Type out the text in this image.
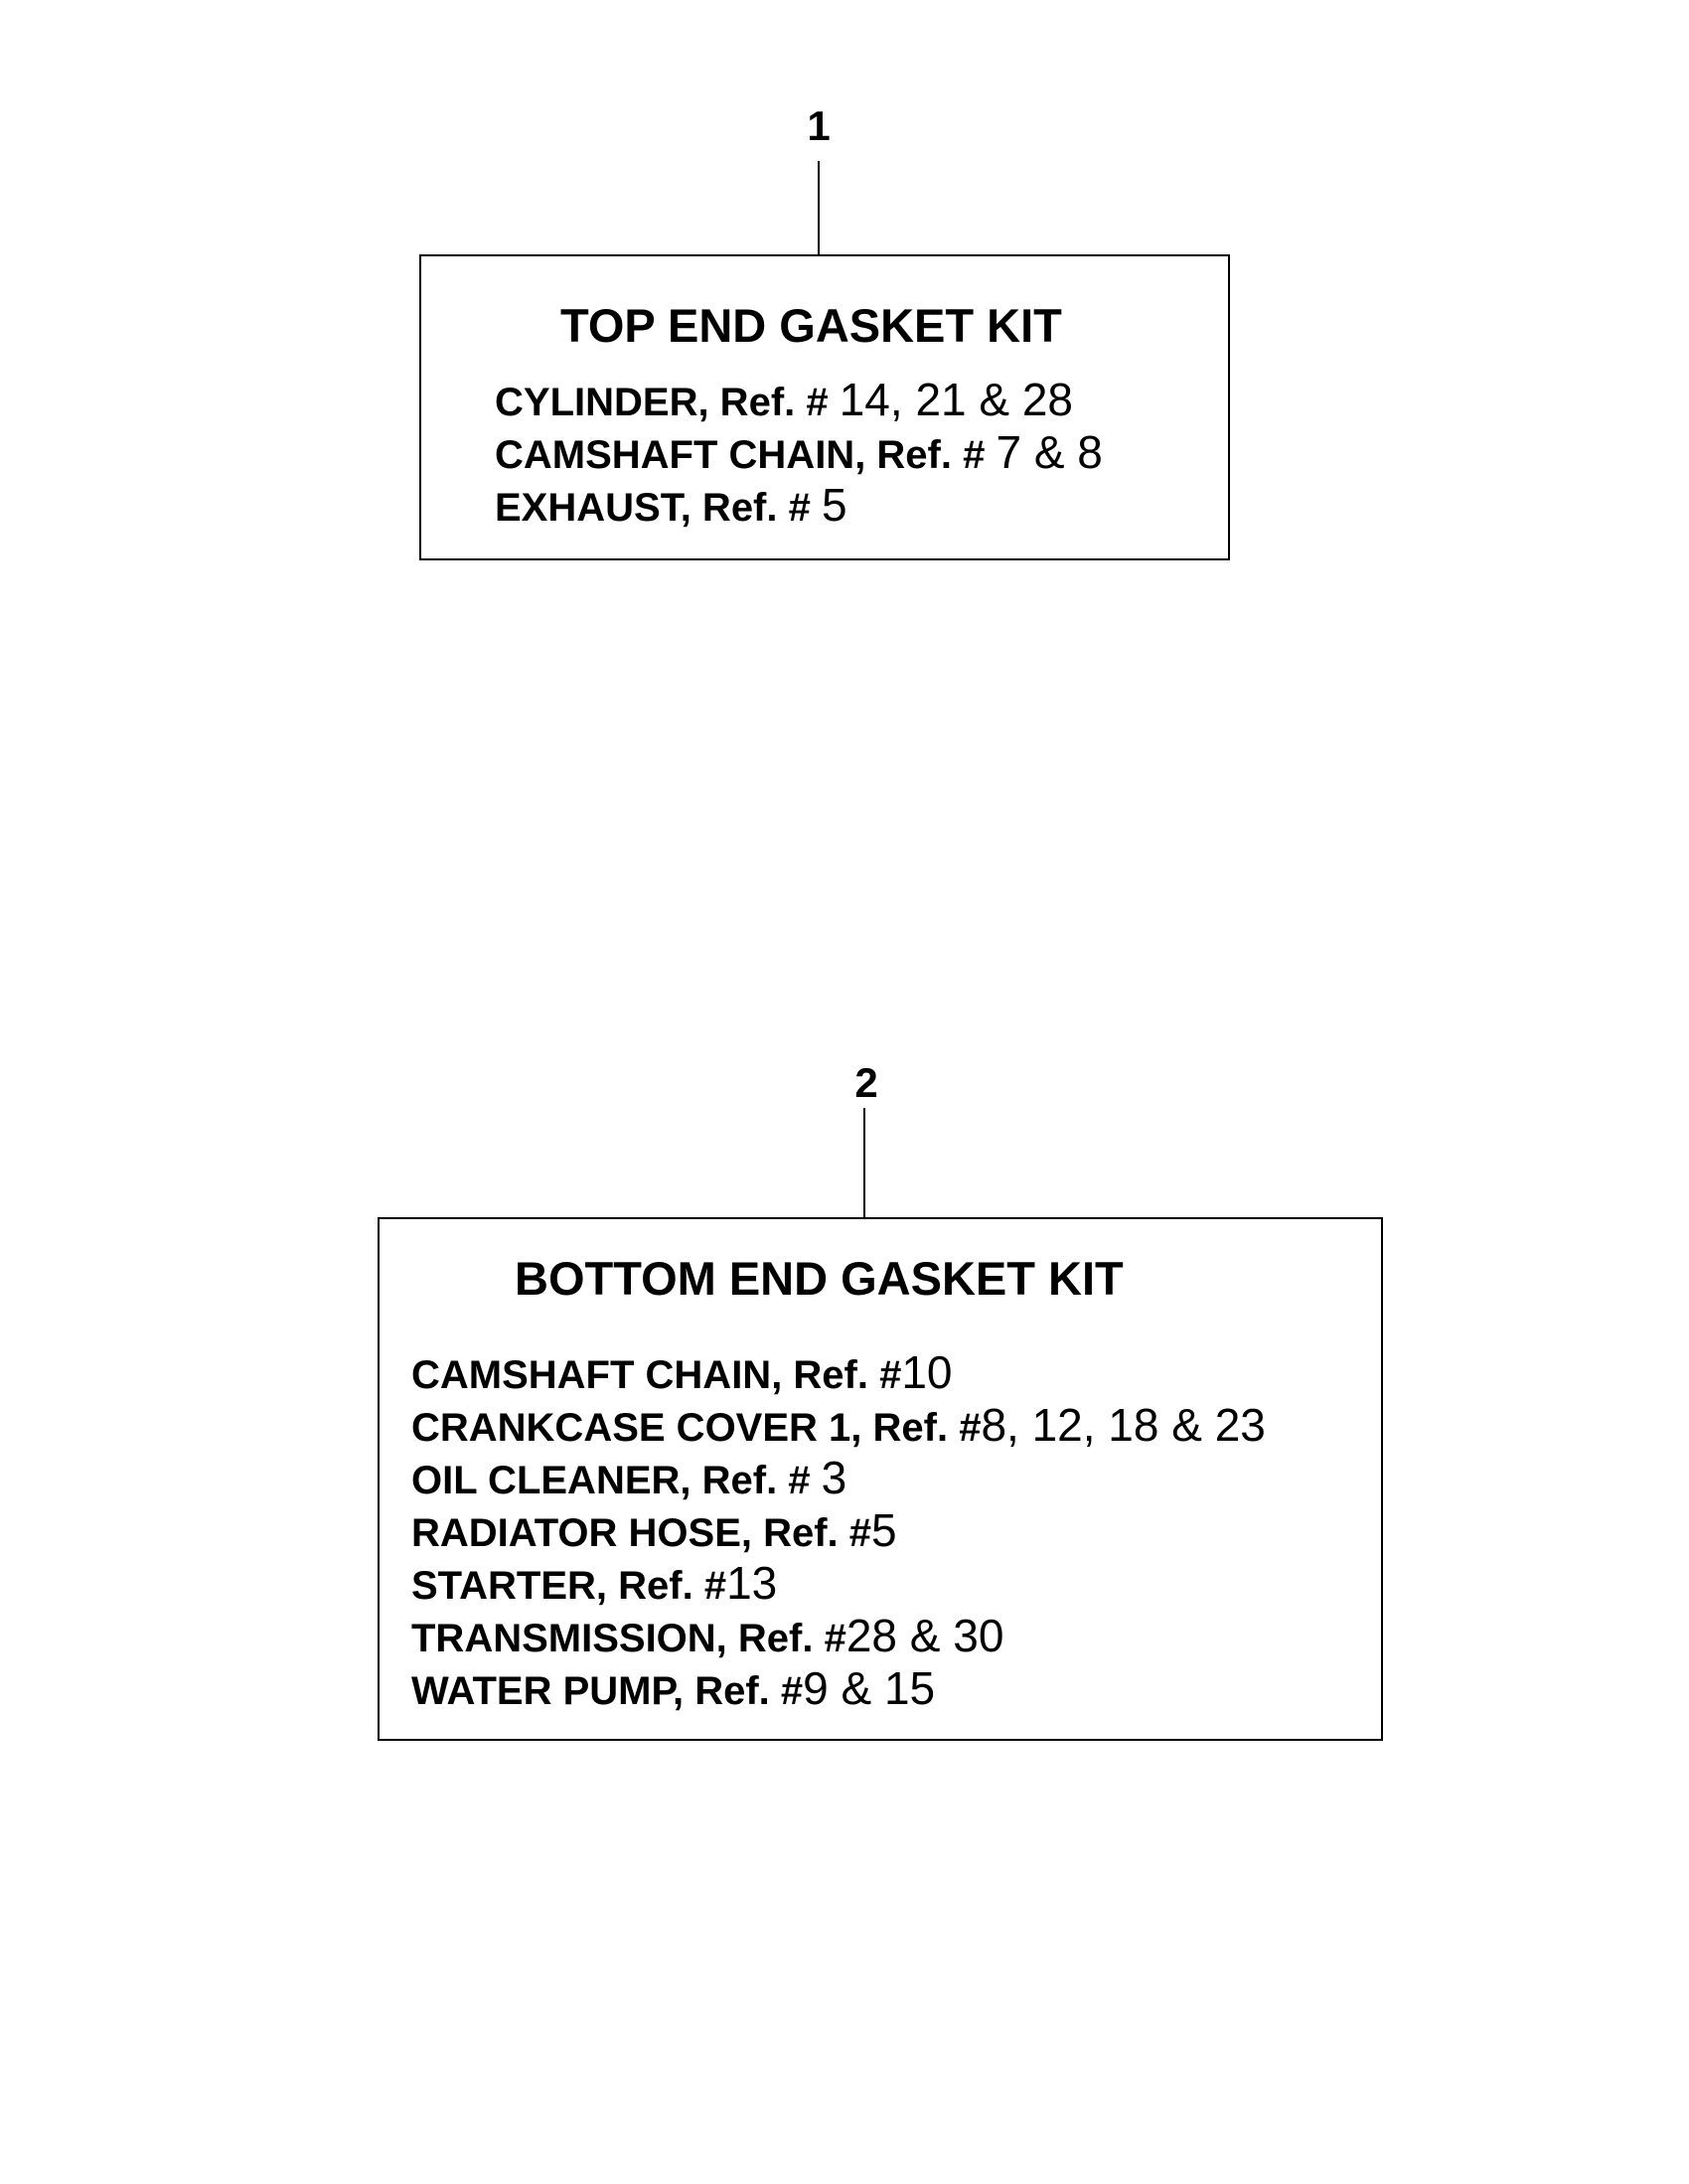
1
TOP END GASKET KIT
CYLINDER, Ref. # 14, 21 & 28
CAMSHAFT CHAIN, Ref. # 7 & 8
EXHAUST, Ref. # 5
2
BOTTOM END GASKET KIT
CAMSHAFT CHAIN, Ref. #10
CRANKCASE COVER 1, Ref. #8, 12, 18 & 23
OIL CLEANER, Ref. # 3
RADIATOR HOSE, Ref. #5
STARTER, Ref. #13
TRANSMISSION, Ref. #28 & 30
WATER PUMP, Ref. #9 & 15
